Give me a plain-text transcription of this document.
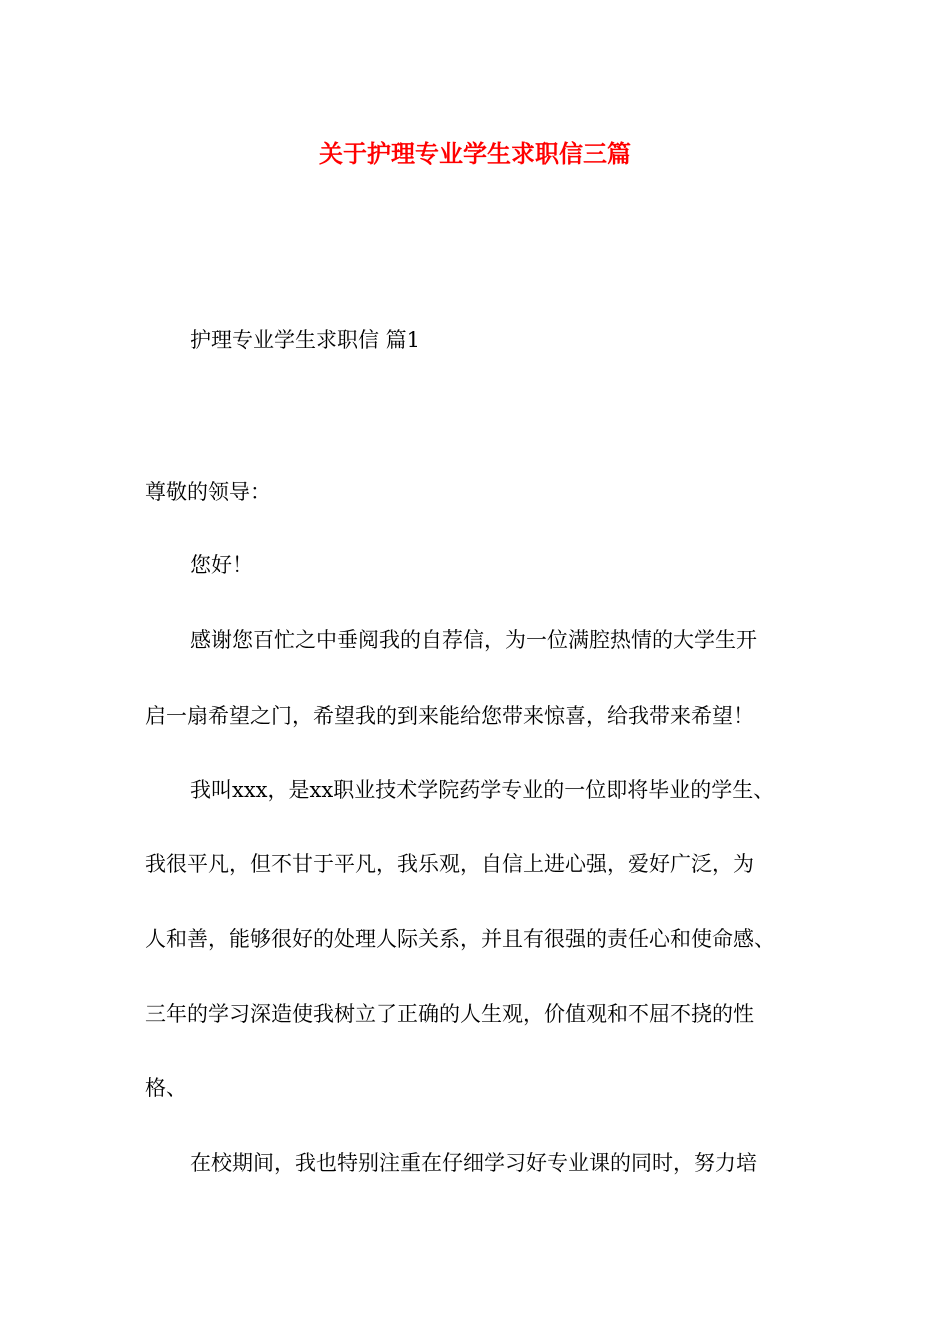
关于护理专业学生求职信三篇

护理专业学生求职信 篇1

尊敬的领导：

您好！

感谢您百忙之中垂阅我的自荐信，为一位满腔热情的大学生开

启一扇希望之门，希望我的到来能给您带来惊喜，给我带来希望！

我叫xxx，是xx职业技术学院药学专业的一位即将毕业的学生、

我很平凡，但不甘于平凡，我乐观，自信上进心强，爱好广泛，为

人和善，能够很好的处理人际关系，并且有很强的责任心和使命感、

三年的学习深造使我树立了正确的人生观，价值观和不屈不挠的性

格、

在校期间，我也特别注重在仔细学习好专业课的同时，努力培
